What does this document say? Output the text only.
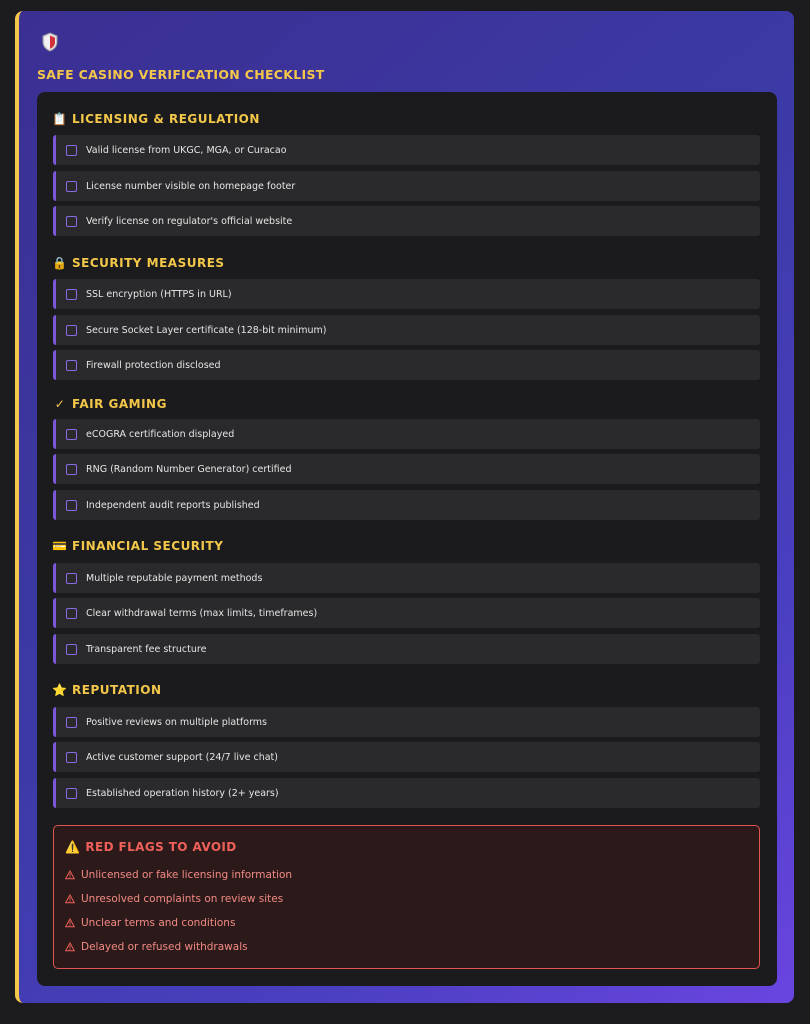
SAFE CASINO VERIFICATION CHECKLIST
📋 LICENSING & REGULATION
Valid license from UKGC, MGA, or Curacao
License number visible on homepage footer
Verify license on regulator's official website
🔒 SECURITY MEASURES
SSL encryption (HTTPS in URL)
Secure Socket Layer certificate (128-bit minimum)
Firewall protection disclosed
✓ FAIR GAMING
eCOGRA certification displayed
RNG (Random Number Generator) certified
Independent audit reports published
💳 FINANCIAL SECURITY
Multiple reputable payment methods
Clear withdrawal terms (max limits, timeframes)
Transparent fee structure
⭐ REPUTATION
Positive reviews on multiple platforms
Active customer support (24/7 live chat)
Established operation history (2+ years)
⚠️ RED FLAGS TO AVOID
Unlicensed or fake licensing information
Unresolved complaints on review sites
Unclear terms and conditions
Delayed or refused withdrawals
